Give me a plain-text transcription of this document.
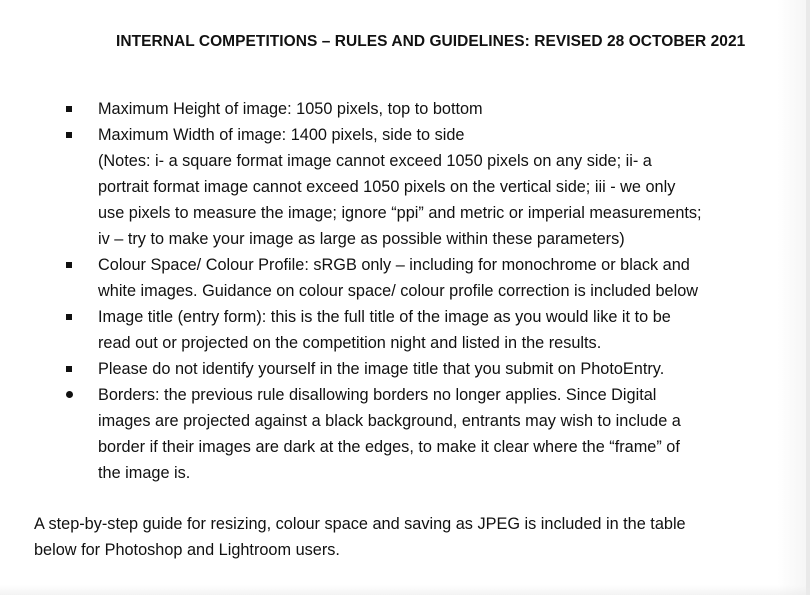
INTERNAL COMPETITIONS – RULES AND GUIDELINES: REVISED 28 OCTOBER 2021
Maximum Height of image: 1050 pixels, top to bottom
Maximum Width of image: 1400 pixels, side to side
(Notes: i- a square format image cannot exceed 1050 pixels on any side; ii- a
portrait format image cannot exceed 1050 pixels on the vertical side; iii - we only
use pixels to measure the image; ignore “ppi” and metric or imperial measurements;
iv – try to make your image as large as possible within these parameters)
Colour Space/ Colour Profile: sRGB only – including for monochrome or black and
white images. Guidance on colour space/ colour profile correction is included below
Image title (entry form): this is the full title of the image as you would like it to be
read out or projected on the competition night and listed in the results.
Please do not identify yourself in the image title that you submit on PhotoEntry.
Borders: the previous rule disallowing borders no longer applies. Since Digital
images are projected against a black background, entrants may wish to include a
border if their images are dark at the edges, to make it clear where the “frame” of
the image is.
A step-by-step guide for resizing, colour space and saving as JPEG is included in the table
below for Photoshop and Lightroom users.
